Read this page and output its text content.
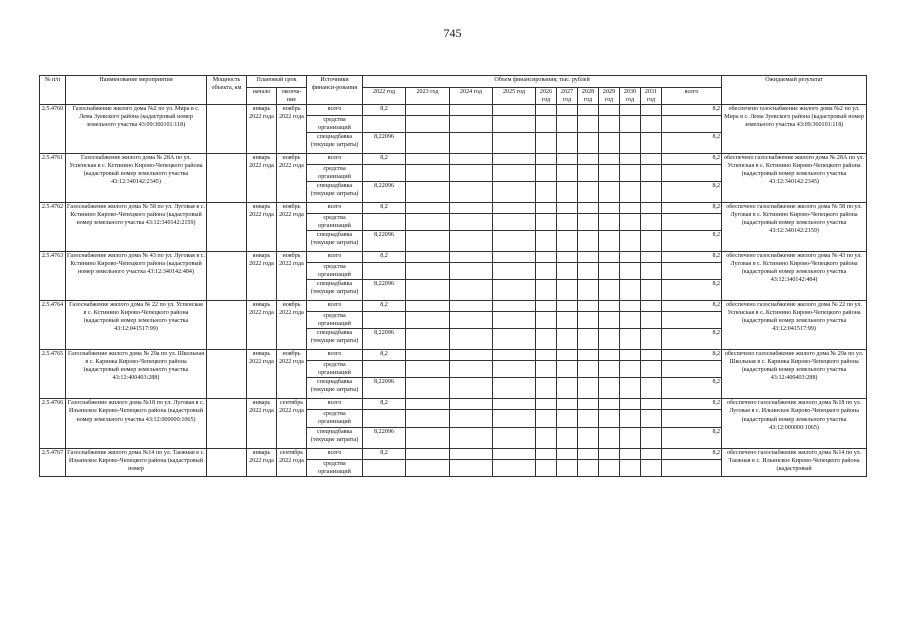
745
№ п/п	Наименование мероприятия	Мощность объекта, км	Плановый срок		Источники финанси-рования	Объем финансирования, тыс. рублей											Ожидаемый результат
			начало	оконча-ние		2022 год	2023 год	2024 год	2025 год	2026 год	2027 год	2028 год	2029 год	2030 год	2031 год	всего	

2.5.4760	Газоснабжение жилого дома №2 по ул. Мира в с. Лема Зуевского района (кадастровый номер земельного участка 43:09:360101:118)		январь 2022 года	ноябрь 2022 года	всего	8,2										8,2	обеспечено газоснабжение жилого дома №2 по ул. Мира в с. Лема Зуевского района (кадастровый номер земельного участка 43:09:360101:118)
					средства организаций												
					спецнадбавка (текущие затраты)	8,22096										8,2	
2.5.4761	Газоснабжение жилого дома № 28А по ул. Успенская в с. Кстинино Кирово-Чепецкого района (кадастровый номер земельного участка 43:12:340142:2345)		январь 2022 года	ноябрь 2022 года	всего	8,2										8,2	обеспечено газоснабжение жилого дома № 28А по ул. Успенская в с. Кстинино Кирово-Чепецкого района (кадастровый номер земельного участка 43:12:340142:2345)
					средства организаций												
					спецнадбавка (текущие затраты)	8,22096										8,2	
2.5.4762	Газоснабжение жилого дома № 58 по ул. Луговая в с. Кстинино Кирово-Чепецкого района (кадастровый номер земельного участка 43:12:340142:2159)		январь 2022 года	ноябрь 2022 года	всего	8,2										8,2	обеспечено газоснабжение жилого дома № 58 по ул. Луговая в с. Кстинино Кирово-Чепецкого района (кадастровый номер земельного участка 43:12:340142:2159)
					средства организаций												
					спецнадбавка (текущие затраты)	8,22096										8,2	
2.5.4763	Газоснабжение жилого дома № 43 по ул. Луговая в с. Кстинино Кирово-Чепецкого района (кадастровый номер земельного участка 43:12:340142:484)		январь 2022 года	ноябрь 2022 года	всего	8,2										8,2	обеспечено газоснабжение жилого дома № 43 по ул. Луговая в с. Кстинино Кирово-Чепецкого района (кадастровый номер земельного участка 43:12:340142:484)
					средства организаций												
					спецнадбавка (текущие затраты)	8,22096										8,2	
2.5.4764	Газоснабжение жилого дома № 22 по ул. Успенская в с. Кстинино Кирово-Чепецкого района (кадастровый номер земельного участка 43:12:041517:99)		январь 2022 года	ноябрь 2022 года	всего	8,2										8,2	обеспечено газоснабжение жилого дома № 22 по ул. Успенская в с. Кстинино Кирово-Чепецкого района (кадастровый номер земельного участка 43:12:041517:99)
					средства организаций												
					спецнадбавка (текущие затраты)	8,22096										8,2	
2.5.4765	Газоснабжение жилого дома № 29а по ул. Школьная в с. Каринка Кирово-Чепецкого района (кадастровый номер земельного участка 43:12:400403:288)		январь 2022 года	ноябрь 2022 года	всего	8,2										8,2	обеспечено газоснабжение жилого дома № 29а по ул. Школьная в с. Каринка Кирово-Чепецкого района (кадастровый номер земельного участка 43:12:400403:288)
					средства организаций												
					спецнадбавка (текущие затраты)	8,22096										8,2	
2.5.4766	Газоснабжение жилого дома №18 по ул. Луговая в с. Ильинское Кирово-Чепецкого района (кадастровый номер земельного участка 43:12:000000:1065)		январь 2022 года	сентябрь 2022 года	всего	8,2										8,2	обеспечено газоснабжение жилого дома №18 по ул. Луговая в с. Ильинское Кирово-Чепецкого района (кадастровый номер земельного участка 43:12:000000:1065)
					средства организаций												
					спецнадбавка (текущие затраты)	8,22096										8,2	
2.5.4767	Газоснабжение жилого дома №14 по ул. Таежная в с. Ильинское Кирово-Чепецкого района (кадастровый номер		январь 2022 года	сентябрь 2022 года	всего	8,2										8,2	обеспечено газоснабжение жилого дома №14 по ул. Таежная в с. Ильинское Кирово-Чепецкого района (кадастровый
					средства организаций												
